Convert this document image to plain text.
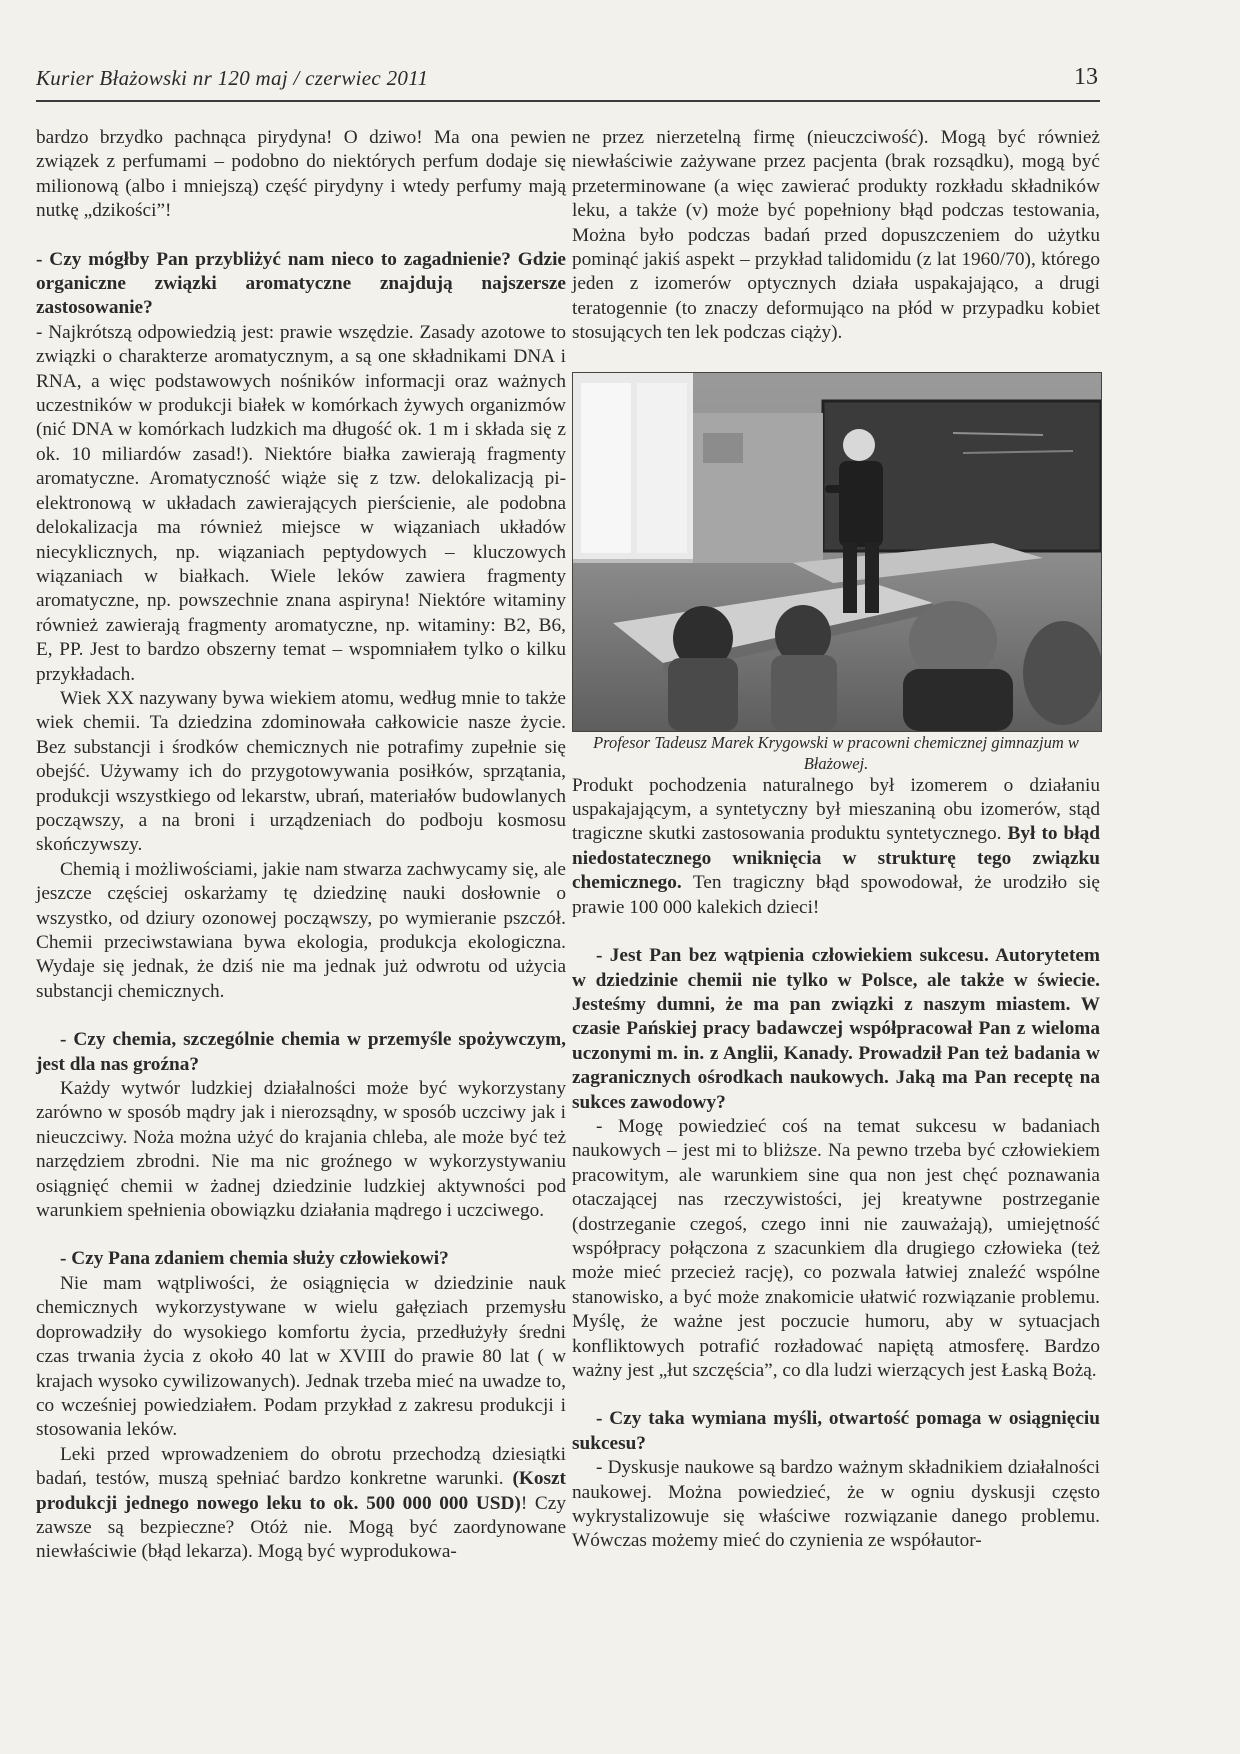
Kurier Błażowski nr 120 maj / czerwiec 2011	13

bardzo brzydko pachnąca pirydyna! O dziwo! Ma ona pewien związek z perfumami – podobno do niektórych perfum dodaje się milionową (albo i mniejszą) część pirydyny i wtedy perfumy mają nutkę „dzikości”!

- Czy mógłby Pan przybliżyć nam nieco to zagadnienie? Gdzie organiczne związki aromatyczne znajdują najszersze zastosowanie?

- Najkrótszą odpowiedzią jest: prawie wszędzie. Zasady azotowe to związki o charakterze aromatycznym, a są one składnikami DNA i RNA, a więc podstawowych nośników informacji oraz ważnych uczestników w produkcji białek w komórkach żywych organizmów (nić DNA w komórkach ludzkich ma długość ok. 1 m i składa się z ok. 10 miliardów zasad!). Niektóre białka zawierają fragmenty aromatyczne. Aromatyczność wiąże się z tzw. delokalizacją pi-elektronową w układach zawierających pierścienie, ale podobna delokalizacja ma również miejsce w wiązaniach układów niecyklicznych, np. wiązaniach peptydowych – kluczowych wiązaniach w białkach. Wiele leków zawiera fragmenty aromatyczne, np. powszechnie znana aspiryna! Niektóre witaminy również zawierają fragmenty aromatyczne, np. witaminy: B2, B6, E, PP. Jest to bardzo obszerny temat – wspomniałem tylko o kilku przykładach.

Wiek XX nazywany bywa wiekiem atomu, według mnie to także wiek chemii. Ta dziedzina zdominowała całkowicie nasze życie. Bez substancji i środków chemicznych nie potrafimy zupełnie się obejść. Używamy ich do przygotowywania posiłków, sprzątania, produkcji wszystkiego od lekarstw, ubrań, materiałów budowlanych począwszy, a na broni i urządzeniach do podboju kosmosu skończywszy.

Chemią i możliwościami, jakie nam stwarza zachwycamy się, ale jeszcze częściej oskarżamy tę dziedzinę nauki dosłownie o wszystko, od dziury ozonowej począwszy, po wymieranie pszczół. Chemii przeciwstawiana bywa ekologia, produkcja ekologiczna. Wydaje się jednak, że dziś nie ma jednak już odwrotu od użycia substancji chemicznych.

- Czy chemia, szczególnie chemia w przemyśle spożywczym, jest dla nas groźna?

Każdy wytwór ludzkiej działalności może być wykorzystany zarówno w sposób mądry jak i nierozsądny, w sposób uczciwy jak i nieuczciwy. Noża można użyć do krajania chleba, ale może być też narzędziem zbrodni. Nie ma nic groźnego w wykorzystywaniu osiągnięć chemii w żadnej dziedzinie ludzkiej aktywności pod warunkiem spełnienia obowiązku działania mądrego i uczciwego.

- Czy Pana zdaniem chemia służy człowiekowi?

Nie mam wątpliwości, że osiągnięcia w dziedzinie nauk chemicznych wykorzystywane w wielu gałęziach przemysłu doprowadziły do wysokiego komfortu życia, przedłużyły średni czas trwania życia z około 40 lat w XVIII do prawie 80 lat ( w krajach wysoko cywilizowanych). Jednak trzeba mieć na uwadze to, co wcześniej powiedziałem. Podam przykład z zakresu produkcji i stosowania leków.

Leki przed wprowadzeniem do obrotu przechodzą dziesiątki badań, testów, muszą spełniać bardzo konkretne warunki. (Koszt produkcji jednego nowego leku to ok. 500 000 000 USD)! Czy zawsze są bezpieczne? Otóż nie. Mogą być zaordynowane niewłaściwie (błąd lekarza). Mogą być wyprodukowa-

ne przez nierzetelną firmę (nieuczciwość). Mogą być również niewłaściwie zażywane przez pacjenta (brak rozsądku), mogą być przeterminowane (a więc zawierać produkty rozkładu składników leku, a także (v) może być popełniony błąd podczas testowania, Można było podczas badań przed dopuszczeniem do użytku pominąć jakiś aspekt – przykład talidomidu (z lat 1960/70), którego jeden z izomerów optycznych działa uspakajająco, a drugi teratogennie (to znaczy deformująco na płód w przypadku kobiet stosujących ten lek podczas ciąży).

Profesor Tadeusz Marek Krygowski w pracowni chemicznej gimnazjum w Błażowej.

Produkt pochodzenia naturalnego był izomerem o działaniu uspakajającym, a syntetyczny był mieszaniną obu izomerów, stąd tragiczne skutki zastosowania produktu syntetycznego. Był to błąd niedostatecznego wniknięcia w strukturę tego związku chemicznego. Ten tragiczny błąd spowodował, że urodziło się prawie 100 000 kalekich dzieci!

- Jest Pan bez wątpienia człowiekiem sukcesu. Autorytetem w dziedzinie chemii nie tylko w Polsce, ale także w świecie. Jesteśmy dumni, że ma pan związki z naszym miastem. W czasie Pańskiej pracy badawczej współpracował Pan z wieloma uczonymi m. in. z Anglii, Kanady. Prowadził Pan też badania w zagranicznych ośrodkach naukowych. Jaką ma Pan receptę na sukces zawodowy?

- Mogę powiedzieć coś na temat sukcesu w badaniach naukowych – jest mi to bliższe. Na pewno trzeba być człowiekiem pracowitym, ale warunkiem sine qua non jest chęć poznawania otaczającej nas rzeczywistości, jej kreatywne postrzeganie (dostrzeganie czegoś, czego inni nie zauważają), umiejętność współpracy połączona z szacunkiem dla drugiego człowieka (też może mieć przecież rację), co pozwala łatwiej znaleźć wspólne stanowisko, a być może znakomicie ułatwić rozwiązanie problemu. Myślę, że ważne jest poczucie humoru, aby w sytuacjach konfliktowych potrafić rozładować napiętą atmosferę. Bardzo ważny jest „łut szczęścia”, co dla ludzi wierzących jest Łaską Bożą.

- Czy taka wymiana myśli, otwartość pomaga w osiągnięciu sukcesu?

- Dyskusje naukowe są bardzo ważnym składnikiem działalności naukowej. Można powiedzieć, że w ogniu dyskusji często wykrystalizowuje się właściwe rozwiązanie danego problemu. Wówczas możemy mieć do czynienia ze współautor-
